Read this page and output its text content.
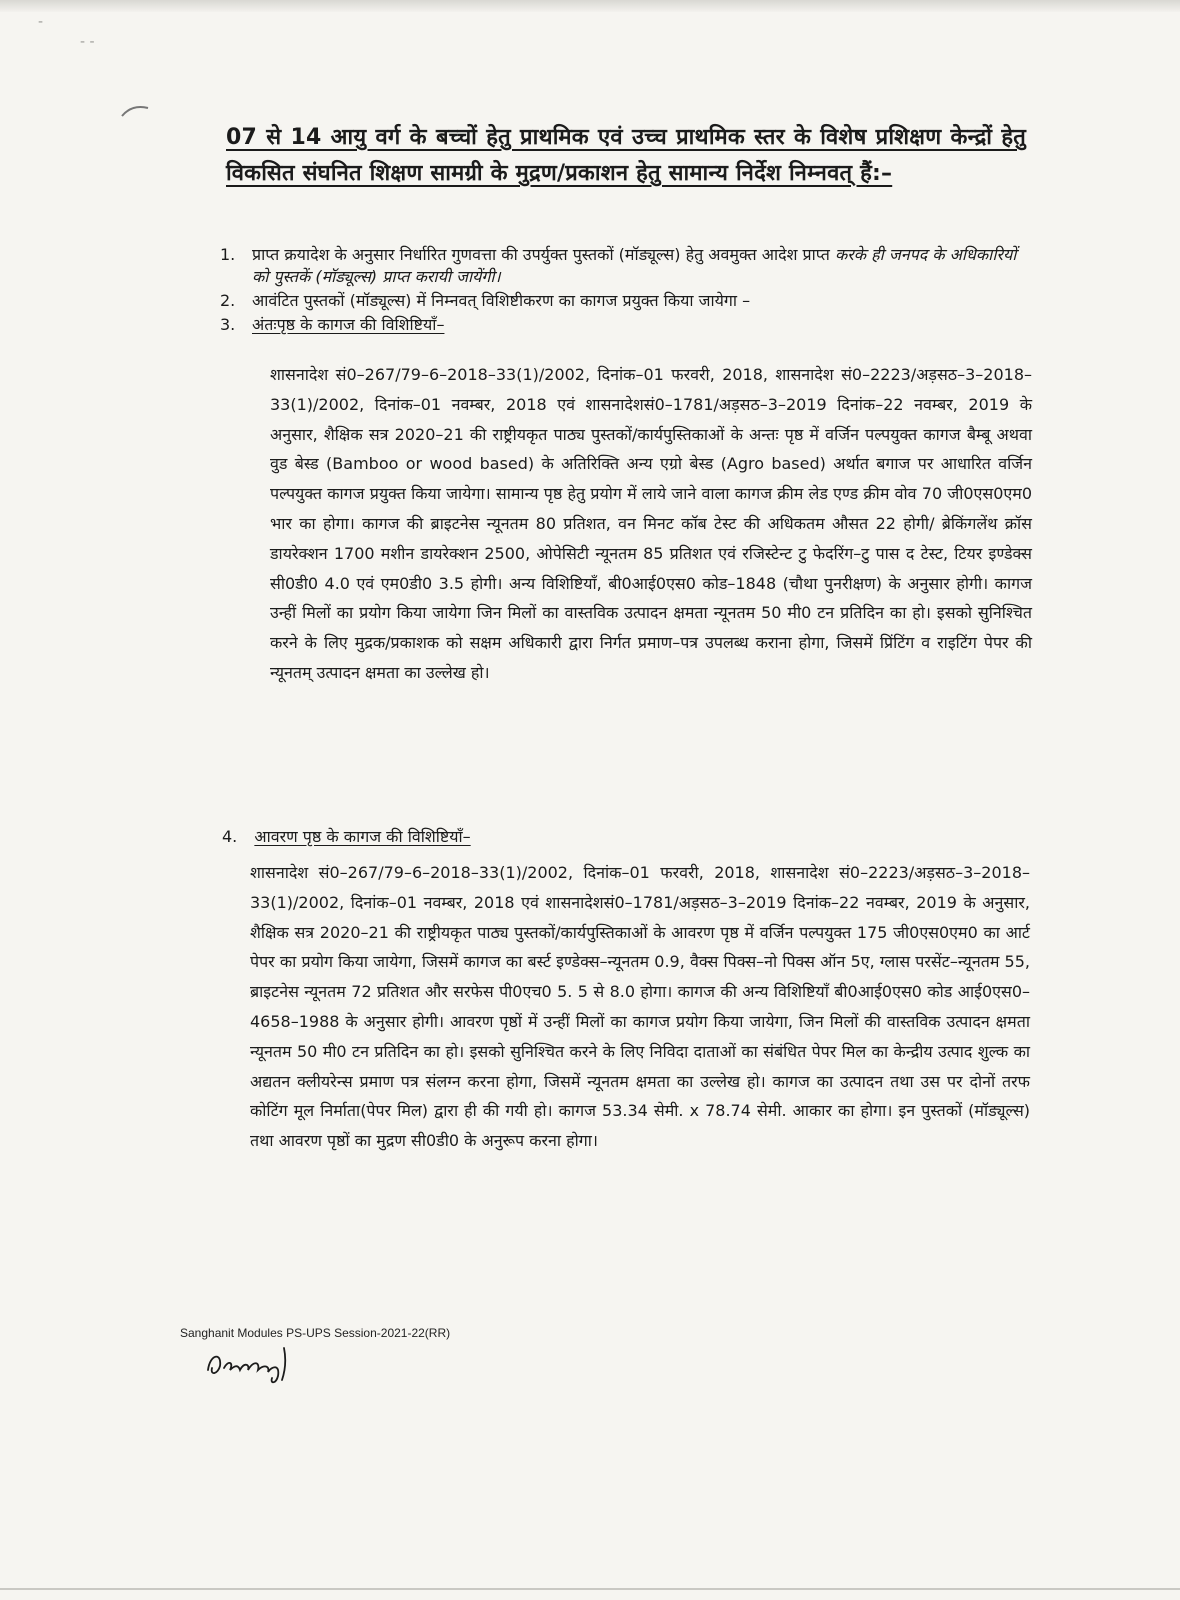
-
- -
07 से 14 आयु वर्ग के बच्चों हेतु प्राथमिक एवं उच्च प्राथमिक स्तर के विशेष प्रशिक्षण केन्द्रों हेतु विकसित संघनित शिक्षण सामग्री के मुद्रण/प्रकाशन हेतु सामान्य निर्देश निम्नवत् हैं:–
1. प्राप्त क्रयादेश के अनुसार निर्धारित गुणवत्ता की उपर्युक्त पुस्तकों (मॉड्यूल्स) हेतु अवमुक्त आदेश प्राप्त करके ही जनपद के अधिकारियों को पुस्तकें (मॉड्यूल्स) प्राप्त करायी जायेंगी।
2. आवंटित पुस्तकों (मॉड्यूल्स) में निम्नवत् विशिष्टीकरण का कागज प्रयुक्त किया जायेगा –
3. अंतःपृष्ठ के कागज की विशिष्टियाँ–
शासनादेश सं0–267/79–6–2018–33(1)/2002, दिनांक–01 फरवरी, 2018, शासनादेश सं0–2223/अड़सठ–3–2018–33(1)/2002, दिनांक–01 नवम्बर, 2018 एवं शासनादेशसं0–1781/अड़सठ–3–2019 दिनांक–22 नवम्बर, 2019 के अनुसार, शैक्षिक सत्र 2020–21 की राष्ट्रीयकृत पाठ्य पुस्तकों/कार्यपुस्तिकाओं के अन्तः पृष्ठ में वर्जिन पल्पयुक्त कागज बैम्बू अथवा वुड बेस्ड (Bamboo or wood based) के अतिरिक्ति अन्य एग्रो बेस्ड (Agro based) अर्थात बगाज पर आधारित वर्जिन पल्पयुक्त कागज प्रयुक्त किया जायेगा। सामान्य पृष्ठ हेतु प्रयोग में लाये जाने वाला कागज क्रीम लेड एण्ड क्रीम वोव 70 जी0एस0एम0 भार का होगा। कागज की ब्राइटनेस न्यूनतम 80 प्रतिशत, वन मिनट कॉब टेस्ट की अधिकतम औसत 22 होगी/ ब्रेकिंगलेंथ क्रॉस डायरेक्शन 1700 मशीन डायरेक्शन 2500, ओपेसिटी न्यूनतम 85 प्रतिशत एवं रजिस्टेन्ट टु फेदरिंग–टु पास द टेस्ट, टियर इण्डेक्स सी0डी0 4.0 एवं एम0डी0 3.5 होगी। अन्य विशिष्टियाँ, बी0आई0एस0 कोड–1848 (चौथा पुनरीक्षण) के अनुसार होगी। कागज उन्हीं मिलों का प्रयोग किया जायेगा जिन मिलों का वास्तविक उत्पादन क्षमता न्यूनतम 50 मी0 टन प्रतिदिन का हो। इसको सुनिश्चित करने के लिए मुद्रक/प्रकाशक को सक्षम अधिकारी द्वारा निर्गत प्रमाण–पत्र उपलब्ध कराना होगा, जिसमें प्रिंटिंग व राइटिंग पेपर की न्यूनतम् उत्पादन क्षमता का उल्लेख हो।
4. आवरण पृष्ठ के कागज की विशिष्टियाँ–
शासनादेश सं0–267/79–6–2018–33(1)/2002, दिनांक–01 फरवरी, 2018, शासनादेश सं0–2223/अड़सठ–3–2018–33(1)/2002, दिनांक–01 नवम्बर, 2018 एवं शासनादेशसं0–1781/अड़सठ–3–2019 दिनांक–22 नवम्बर, 2019 के अनुसार, शैक्षिक सत्र 2020–21 की राष्ट्रीयकृत पाठ्य पुस्तकों/कार्यपुस्तिकाओं के आवरण पृष्ठ में वर्जिन पल्पयुक्त 175 जी0एस0एम0 का आर्ट पेपर का प्रयोग किया जायेगा, जिसमें कागज का बर्स्ट इण्डेक्स–न्यूनतम 0.9, वैक्स पिक्स–नो पिक्स ऑन 5ए, ग्लास परसेंट–न्यूनतम 55, ब्राइटनेस न्यूनतम 72 प्रतिशत और सरफेस पी0एच0 5. 5 से 8.0 होगा। कागज की अन्य विशिष्टियाँ बी0आई0एस0 कोड आई0एस0–4658–1988 के अनुसार होगी। आवरण पृष्ठों में उन्हीं मिलों का कागज प्रयोग किया जायेगा, जिन मिलों की वास्तविक उत्पादन क्षमता न्यूनतम 50 मी0 टन प्रतिदिन का हो। इसको सुनिश्चित करने के लिए निविदा दाताओं का संबंधित पेपर मिल का केन्द्रीय उत्पाद शुल्क का अद्यतन क्लीयरेन्स प्रमाण पत्र संलग्न करना होगा, जिसमें न्यूनतम क्षमता का उल्लेख हो। कागज का उत्पादन तथा उस पर दोनों तरफ कोटिंग मूल निर्माता(पेपर मिल) द्वारा ही की गयी हो। कागज 53.34 सेमी. x 78.74 सेमी. आकार का होगा। इन पुस्तकों (मॉड्यूल्स) तथा आवरण पृष्ठों का मुद्रण सी0डी0 के अनुरूप करना होगा।
Sanghanit Modules PS-UPS Session-2021-22(RR)
